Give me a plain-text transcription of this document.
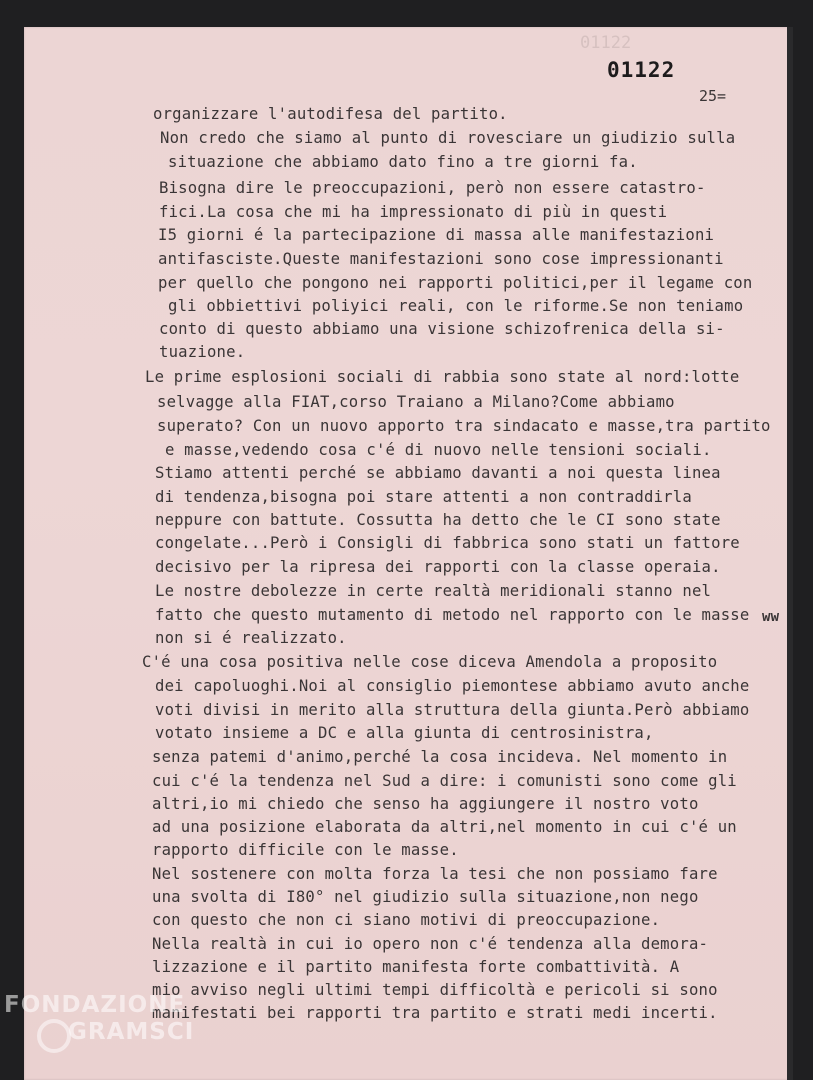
01122
01122
25=
organizzare l'autodifesa del partito.
Non credo che siamo al punto di rovesciare un giudizio sulla
situazione che abbiamo dato fino a tre giorni fa.
Bisogna dire le preoccupazioni, però non essere catastro-
fici.La cosa che mi ha impressionato di più in questi
I5 giorni é la partecipazione di massa alle manifestazioni
antifasciste.Queste manifestazioni sono cose impressionanti
per quello che pongono nei rapporti politici,per il legame con
gli obbiettivi poliyici reali, con le riforme.Se non teniamo
conto di questo abbiamo una visione schizofrenica della si-
tuazione.
Le prime esplosioni sociali di rabbia sono state al nord:lotte
selvagge alla FIAT,corso Traiano a Milano?Come abbiamo
superato? Con un nuovo apporto tra sindacato e masse,tra partito
e masse,vedendo cosa c'é di nuovo nelle tensioni sociali.
Stiamo attenti perché se abbiamo davanti a noi questa linea
di tendenza,bisogna poi stare attenti a non contraddirla
neppure con battute. Cossutta ha detto che le CI sono state
congelate...Però i Consigli di fabbrica sono stati un fattore
decisivo per la ripresa dei rapporti con la classe operaia.
Le nostre debolezze in certe realtà meridionali stanno nel
fatto che questo mutamento di metodo nel rapporto con le masse
non si é realizzato.
C'é una cosa positiva nelle cose diceva Amendola a proposito
dei capoluoghi.Noi al consiglio piemontese abbiamo avuto anche
voti divisi in merito alla struttura della giunta.Però abbiamo
votato insieme a DC e alla giunta di centrosinistra,
senza patemi d'animo,perché la cosa incideva. Nel momento in
cui c'é la tendenza nel Sud a dire: i comunisti sono come gli
altri,io mi chiedo che senso ha aggiungere il nostro voto
ad una posizione elaborata da altri,nel momento in cui c'é un
rapporto difficile con le masse.
Nel sostenere con molta forza la tesi che non possiamo fare
una svolta di I80° nel giudizio sulla situazione,non nego
con questo che non ci siano motivi di preoccupazione.
Nella realtà in cui io opero non c'é tendenza alla demora-
lizzazione e il partito manifesta forte combattività. A
mio avviso negli ultimi tempi difficoltà e pericoli si sono
manifestati bei rapporti tra partito e strati medi incerti.
ww
FONDAZIONE
GRAMSCI
